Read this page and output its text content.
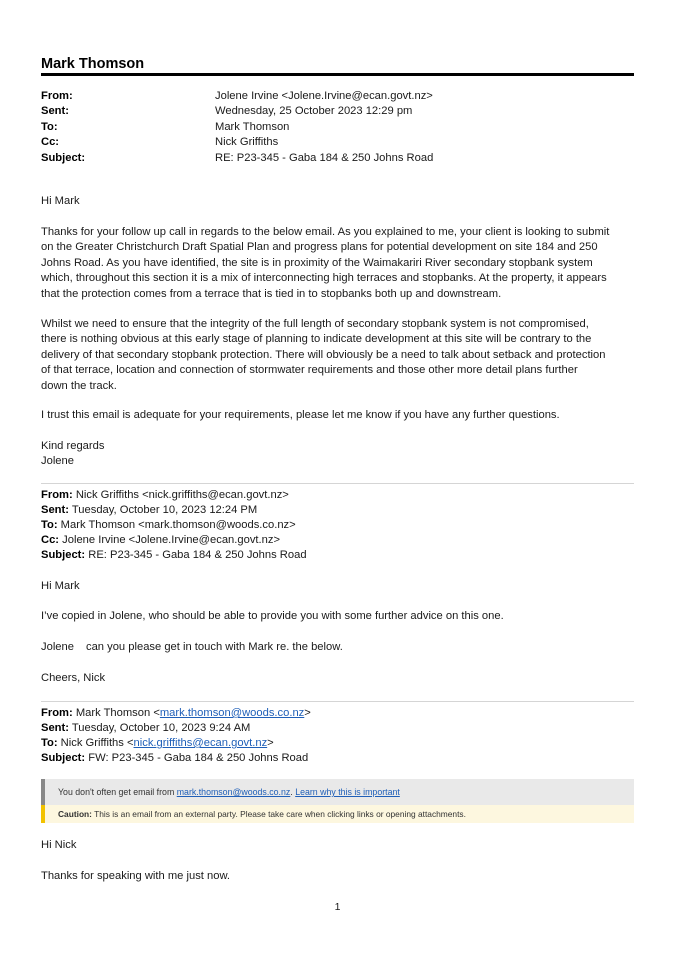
Mark Thomson
From:	Jolene Irvine <Jolene.Irvine@ecan.govt.nz>
Sent:	Wednesday, 25 October 2023 12:29 pm
To:	Mark Thomson
Cc:	Nick Griffiths
Subject:	RE: P23-345 - Gaba 184 & 250 Johns Road
Hi Mark
Thanks for your follow up call in regards to the below email. As you explained to me, your client is looking to submit
on the Greater Christchurch Draft Spatial Plan and progress plans for potential development on site 184 and 250
Johns Road. As you have identified, the site is in proximity of the Waimakariri River secondary stopbank system
which, throughout this section it is a mix of interconnecting high terraces and stopbanks. At the property, it appears
that the protection comes from a terrace that is tied in to stopbanks both up and downstream.
Whilst we need to ensure that the integrity of the full length of secondary stopbank system is not compromised,
there is nothing obvious at this early stage of planning to indicate development at this site will be contrary to the
delivery of that secondary stopbank protection. There will obviously be a need to talk about setback and protection
of that terrace, location and connection of stormwater requirements and those other more detail plans further
down the track.
I trust this email is adequate for your requirements, please let me know if you have any further questions.
Kind regards
Jolene
From: Nick Griffiths <nick.griffiths@ecan.govt.nz>
Sent: Tuesday, October 10, 2023 12:24 PM
To: Mark Thomson <mark.thomson@woods.co.nz>
Cc: Jolene Irvine <Jolene.Irvine@ecan.govt.nz>
Subject: RE: P23-345 - Gaba 184 & 250 Johns Road
Hi Mark
I’ve copied in Jolene, who should be able to provide you with some further advice on this one.
Jolene can you please get in touch with Mark re. the below.
Cheers, Nick
From: Mark Thomson <mark.thomson@woods.co.nz>
Sent: Tuesday, October 10, 2023 9:24 AM
To: Nick Griffiths <nick.griffiths@ecan.govt.nz>
Subject: FW: P23-345 - Gaba 184 & 250 Johns Road
You don't often get email from mark.thomson@woods.co.nz. Learn why this is important
Caution: This is an email from an external party. Please take care when clicking links or opening attachments.
Hi Nick
Thanks for speaking with me just now.
1
